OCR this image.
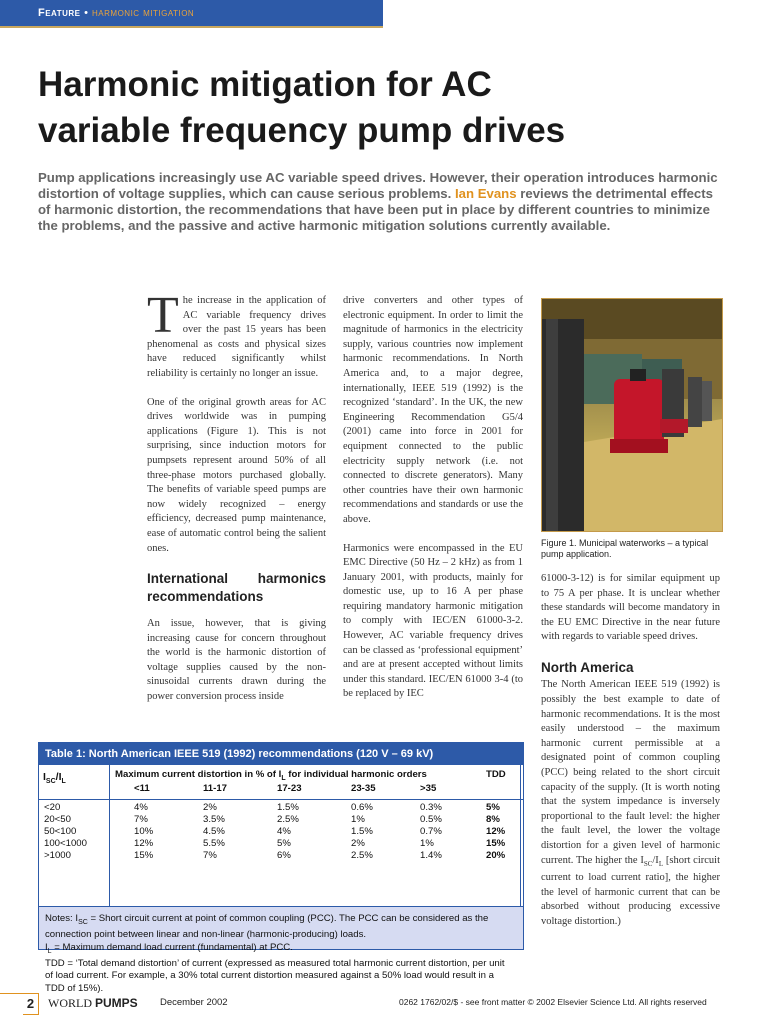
Feature • harmonic mitigation
Harmonic mitigation for AC
variable frequency pump drives
Pump applications increasingly use AC variable speed drives. However, their operation introduces harmonic distortion of voltage supplies, which can cause serious problems. Ian Evans reviews the detrimental effects of harmonic distortion, the recommendations that have been put in place by different countries to minimize the problems, and the passive and active harmonic mitigation solutions currently available.

The increase in the application of AC variable frequency drives over the past 15 years has been phenomenal as costs and physical sizes have reduced significantly whilst reliability is certainly no longer an issue.

One of the original growth areas for AC drives worldwide was in pumping applications (Figure 1). This is not surprising, since induction motors for pumpsets represent around 50% of all three-phase motors purchased globally. The benefits of variable speed pumps are now widely recognized – energy efficiency, decreased pump maintenance, ease of automatic control being the salient ones.

International harmonics recommendations

An issue, however, that is giving increasing cause for concern throughout the world is the harmonic distortion of voltage supplies caused by the non-sinusoidal currents drawn during the power conversion process inside

drive converters and other types of electronic equipment. In order to limit the magnitude of harmonics in the electricity supply, various countries now implement harmonic recommendations. In North America and, to a major degree, internationally, IEEE 519 (1992) is the recognized ‘standard’. In the UK, the new Engineering Recommendation G5/4 (2001) came into force in 2001 for equipment connected to the public electricity supply network (i.e. not connected to discrete generators). Many other countries have their own harmonic recommendations and standards or use the above.

Harmonics were encompassed in the EU EMC Directive (50 Hz – 2 kHz) as from 1 January 2001, with products, mainly for domestic use, up to 16 A per phase requiring mandatory harmonic mitigation to comply with IEC/EN 61000-3-2. However, AC variable frequency drives can be classed as ‘professional equipment’ and are at present accepted without limits under this standard. IEC/EN 61000 3-4 (to be replaced by IEC

Figure 1. Municipal waterworks – a typical pump application.

61000-3-12) is for similar equipment up to 75 A per phase. It is unclear whether these standards will become mandatory in the EU EMC Directive in the near future with regards to variable speed drives.

North America

The North American IEEE 519 (1992) is possibly the best example to date of harmonic recommendations. It is the most easily understood – the maximum harmonic current permissible at a designated point of common coupling (PCC) being related to the short circuit capacity of the supply. (It is worth noting that the system impedance is inversely proportional to the fault level: the higher the fault level, the lower the voltage distortion for a given level of harmonic current. The higher the $I_{SC}/I_L$ [short circuit current to load current ratio], the higher the level of harmonic current that can be absorbed without producing excessive voltage distortion.)

Table 1: North American IEEE 519 (1992) recommendations (120 V – 69 kV)
$I_{SC}/I_L$
Maximum current distortion in % of $I_L$ for individual harmonic orders	TDD
<11	11-17	17-23	23-35	>35
<20	4%	2%	1.5%	0.6%	0.3%	5%
20<50	7%	3.5%	2.5%	1%	0.5%	8%
50<100	10%	4.5%	4%	1.5%	0.7%	12%
100<1000	12%	5.5%	5%	2%	1%	15%
>1000	15%	7%	6%	2.5%	1.4%	20%
Notes: $I_{SC}$ = Short circuit current at point of common coupling (PCC). The PCC can be considered as the connection point between linear and non-linear (harmonic-producing) loads.
$I_L$ = Maximum demand load current (fundamental) at PCC.
TDD = ‘Total demand distortion’ of current (expressed as measured total harmonic current distortion, per unit of load current. For example, a 30% total current distortion measured against a 50% load would result in a TDD of 15%).
2	WORLD PUMPS December 2002	0262 1762/02/$ - see front matter © 2002 Elsevier Science Ltd. All rights reserved
